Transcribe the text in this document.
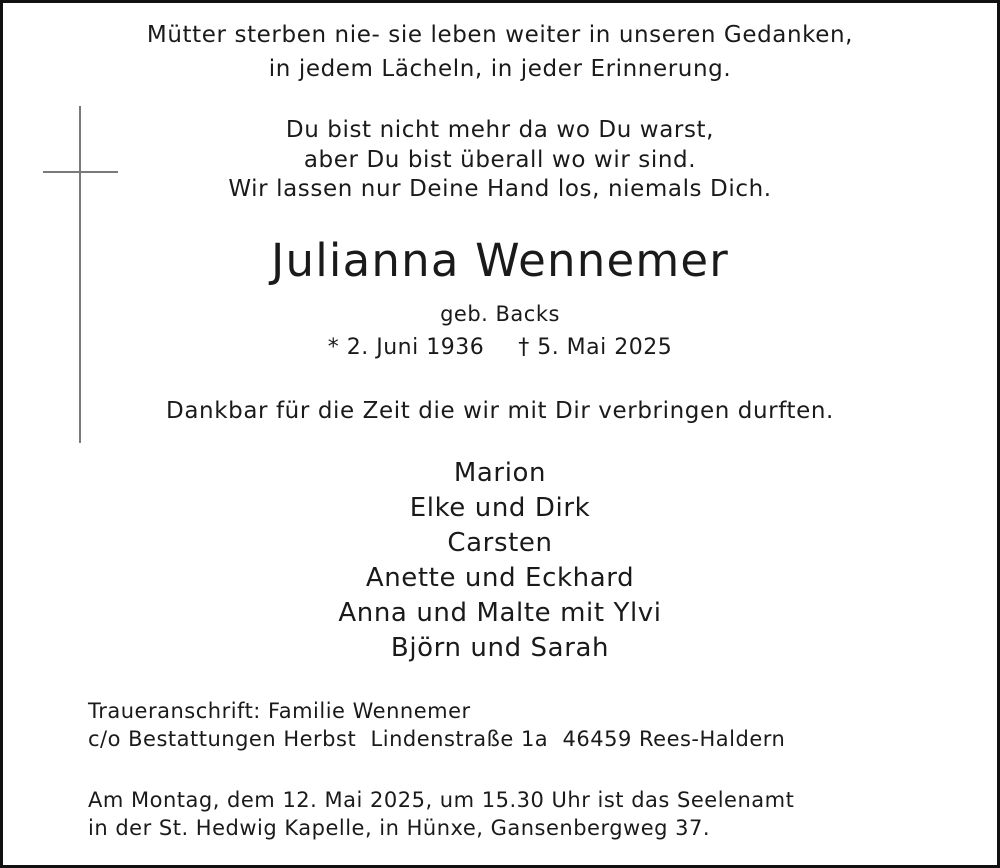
Mütter sterben nie- sie leben weiter in unseren Gedanken,
in jedem Lächeln, in jeder Erinnerung.
Du bist nicht mehr da wo Du warst,
aber Du bist überall wo wir sind.
Wir lassen nur Deine Hand los, niemals Dich.
Julianna Wennemer
geb. Backs
* 2. Juni 1936 † 5. Mai 2025
Dankbar für die Zeit die wir mit Dir verbringen durften.
Marion
Elke und Dirk
Carsten
Anette und Eckhard
Anna und Malte mit Ylvi
Björn und Sarah
Traueranschrift: Familie Wennemer
c/o Bestattungen Herbst  Lindenstraße 1a  46459 Rees-Haldern
Am Montag, dem 12. Mai 2025, um 15.30 Uhr ist das Seelenamt
in der St. Hedwig Kapelle, in Hünxe, Gansenbergweg 37.
